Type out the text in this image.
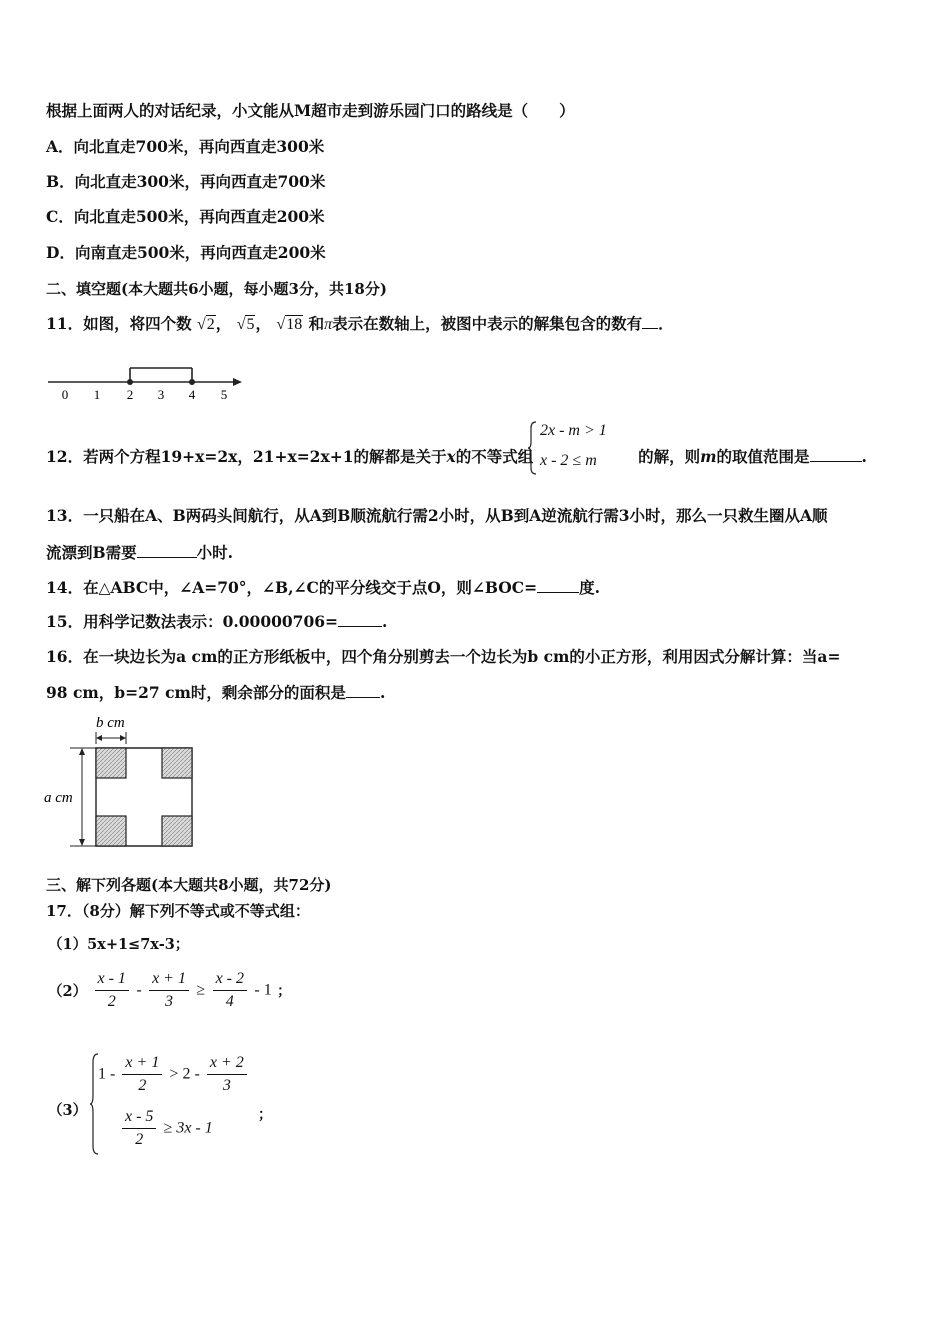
根据上面两人的对话纪录，小文能从M超市走到游乐园门口的路线是（　　）
A．向北直走700米，再向西直走300米
B．向北直走300米，再向西直走700米
C．向北直走500米，再向西直走200米
D．向南直走500米，再向西直走200米
二、填空题(本大题共6小题，每小题3分，共18分)
11．如图，将四个数 √2， √5， √18 和π表示在数轴上，被图中表示的解集包含的数有 ．
0 1 2 3 4 5
12．若两个方程19+x=2x，21+x=2x+1的解都是关于x的不等式组	的解，则m的取值范围是	.
2x - m > 1
x - 2 ≤ m
13．一只船在A、B两码头间航行，从A到B顺流航行需2小时，从B到A逆流航行需3小时，那么一只救生圈从A顺
流漂到B需要	小时.
14．在△ABC中，∠A=70°，∠B,∠C的平分线交于点O，则∠BOC=	度.
15．用科学记数法表示：0.00000706=	.
16．在一块边长为a cm的正方形纸板中，四个角分别剪去一个边长为b cm的小正方形，利用因式分解计算：当a=
98 cm，b=27 cm时，剩余部分的面积是 .
b cm
a cm
三、解下列各题(本大题共8小题，共72分)
17．（8分）解下列不等式或不等式组：
（1）5x+1≤7x-3；
$(2) \frac{x - 1}{2} - \frac{x + 1}{3} \ge \frac{x - 2}{4} - 1$ ；
（3）
$1 - \frac{x + 1}{2} > 2 - \frac{x + 2}{3}$
$\frac{x - 5}{2} \ge 3x - 1$
；
